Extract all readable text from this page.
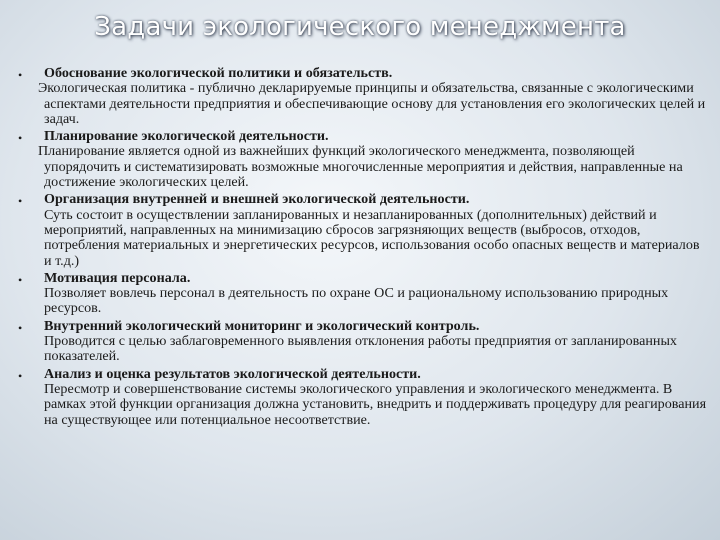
Задачи экологического менеджмента
• Обоснование экологической политики и обязательств.
Экологическая политика - публично декларируемые принципы и обязательства, связанные с экологическими аспектами деятельности предприятия и обеспечивающие основу для установления его экологических целей и задач.
• Планирование экологической деятельности.
Планирование является одной из важнейших функций экологического менеджмента, позволяющей упорядочить и систематизировать возможные многочисленные мероприятия и действия, направленные на достижение экологических целей.
• Организация внутренней и внешней экологической деятельности.
Суть состоит в осуществлении запланированных и незапланированных (дополнительных) действий и мероприятий, направленных на минимизацию сбросов загрязняющих веществ (выбросов, отходов, потребления материальных и энергетических ресурсов, использования особо опасных веществ и материалов и т.д.)
• Мотивация персонала.
Позволяет вовлечь персонал в деятельность по охране ОС и рациональному использованию природных ресурсов.
• Внутренний экологический мониторинг и экологический контроль.
Проводится с целью заблаговременного выявления отклонения работы предприятия от запланированных показателей.
• Анализ и оценка результатов экологической деятельности.
Пересмотр и совершенствование системы экологического управления и экологического менеджмента. В рамках этой функции организация должна установить, внедрить и поддерживать процедуру для реагирования на существующее или потенциальное несоответствие.
